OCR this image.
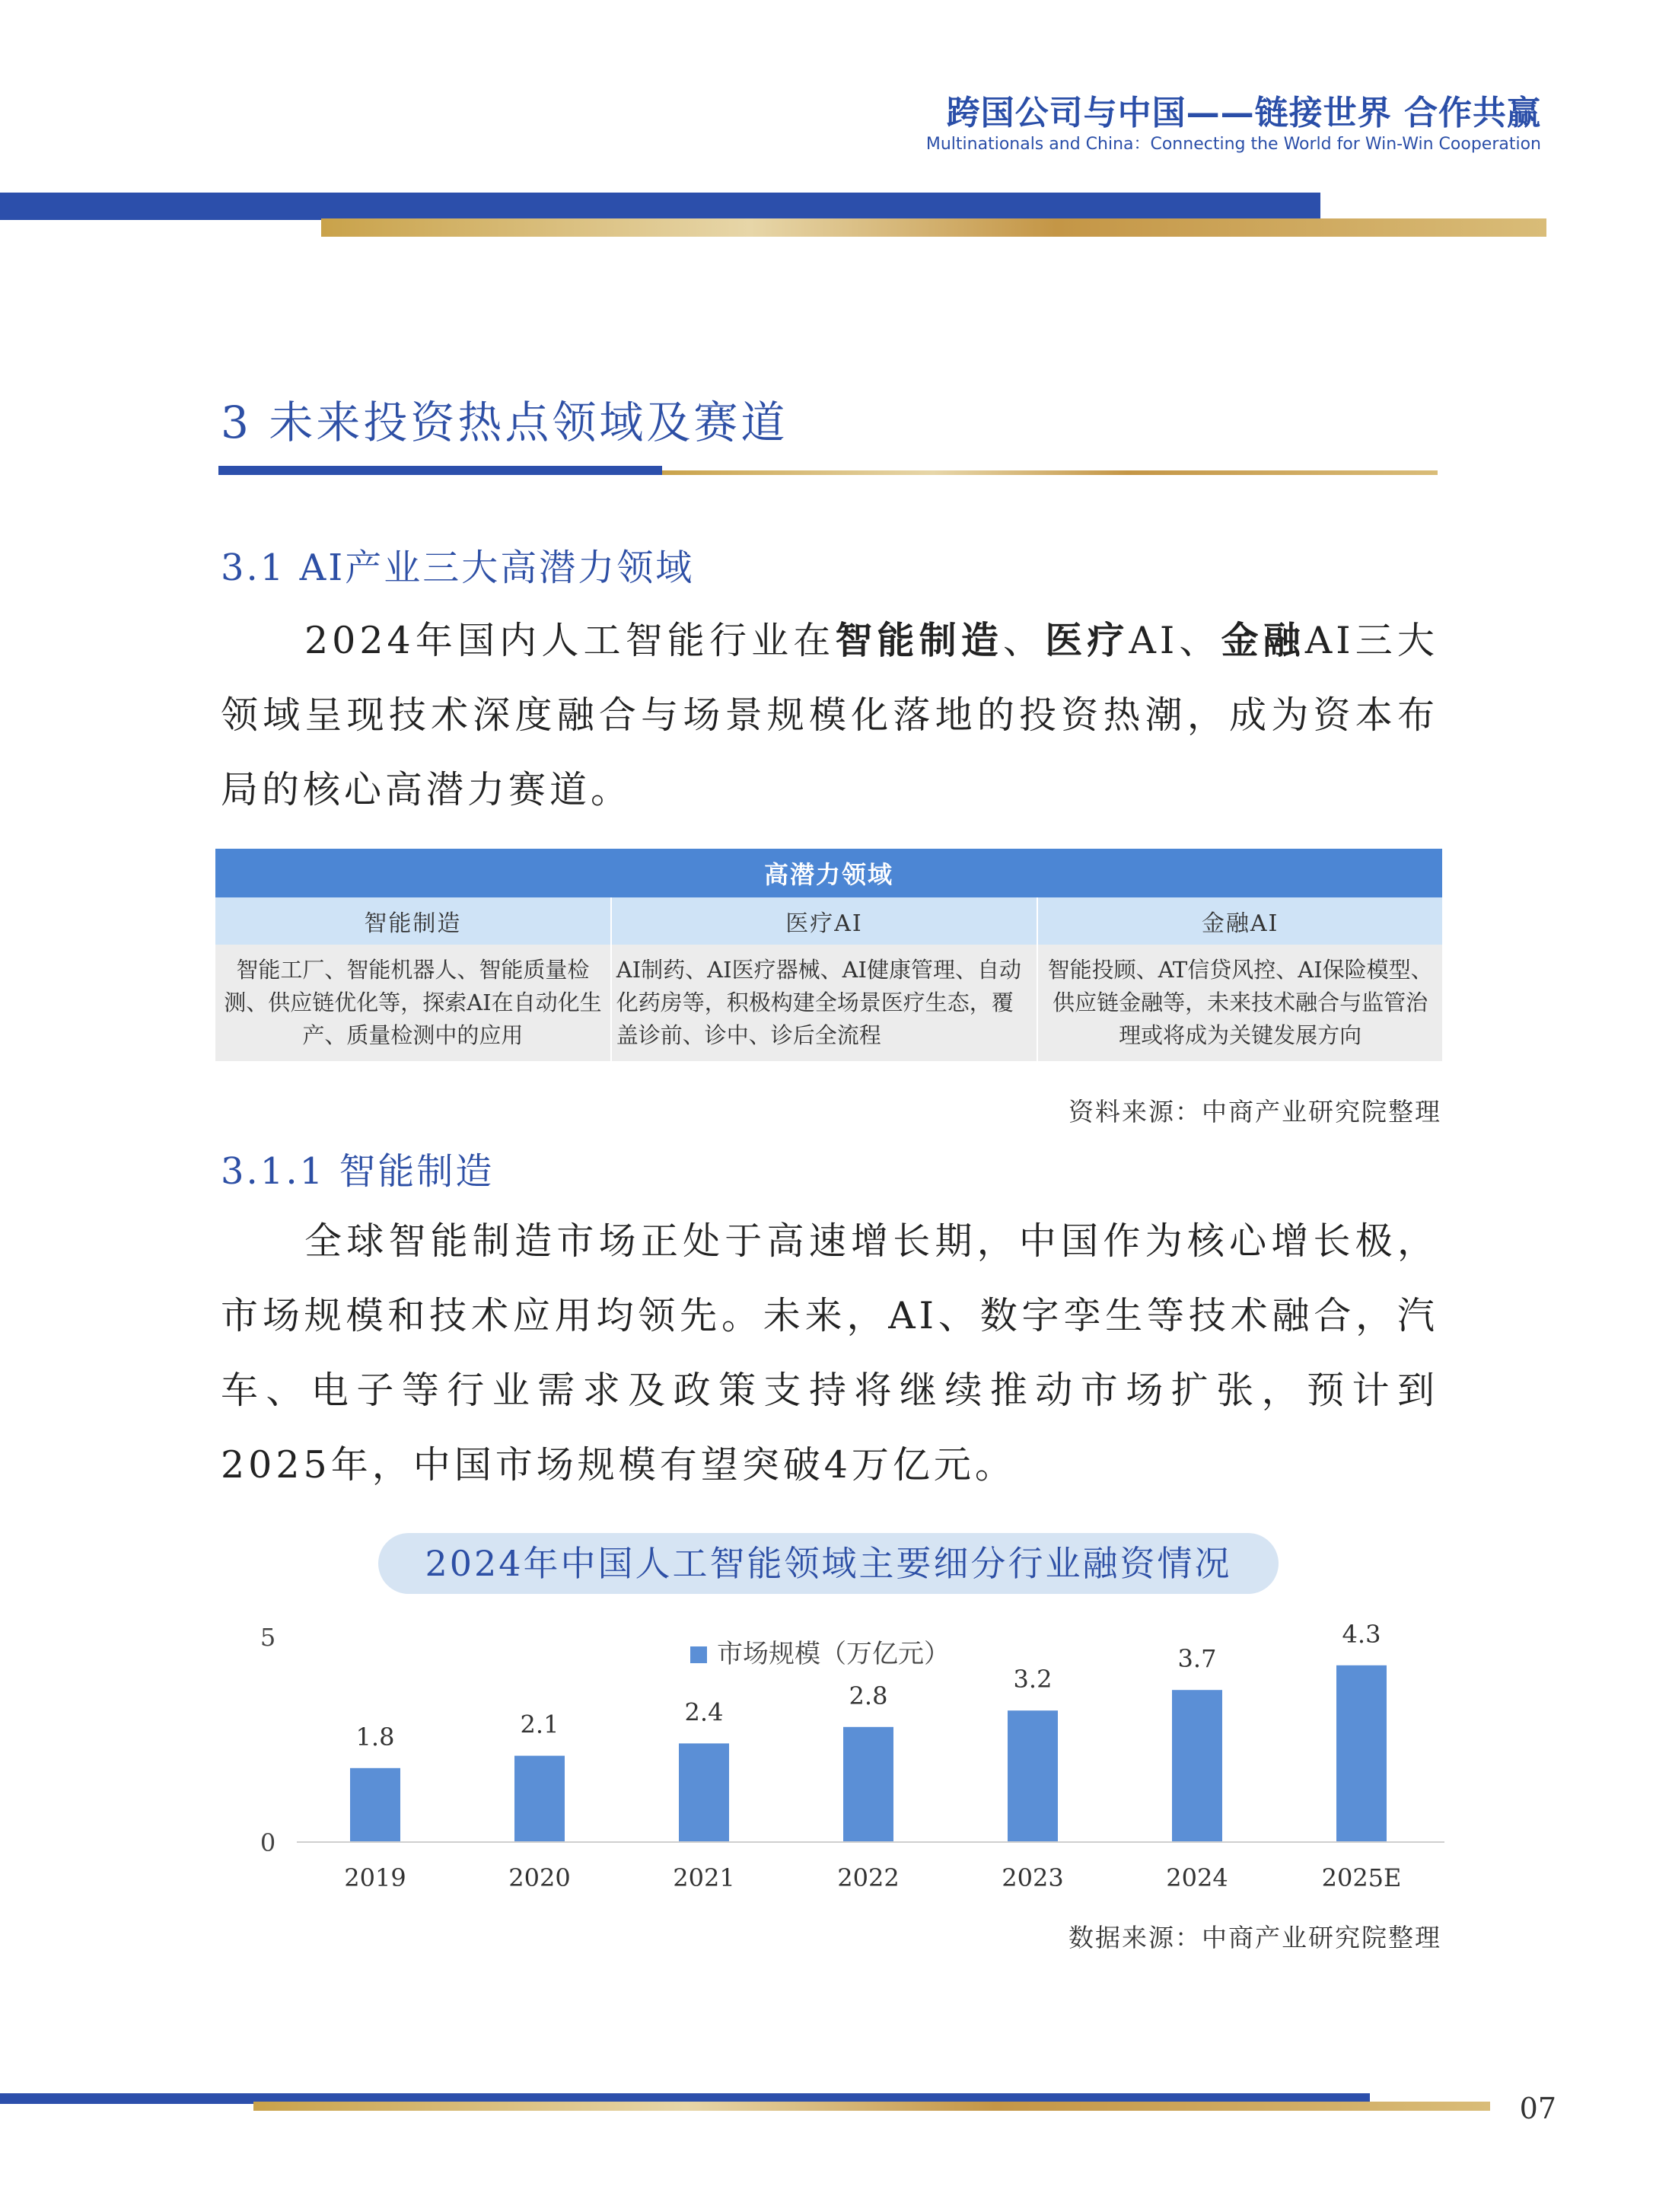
跨国公司与中国——链接世界 合作共赢
Multinationals and China：Connecting the World for Win-Win Cooperation
3 未来投资热点领域及赛道
3.1 AI产业三大高潜力领域
2024年国内人工智能行业在智能制造、医疗AI、金融AI三大领域呈现技术深度融合与场景规模化落地的投资热潮，成为资本布局的核心高潜力赛道。
高潜力领域		
智能制造	医疗AI	金融AI
智能工厂、智能机器人、智能质量检测、供应链优化等，探索AI在自动化生产、质量检测中的应用	AI制药、AI医疗器械、AI健康管理、自动化药房等，积极构建全场景医疗生态，覆盖诊前、诊中、诊后全流程	智能投顾、AT信贷风控、AI保险模型、供应链金融等，未来技术融合与监管治理或将成为关键发展方向
资料来源：中商产业研究院整理
3.1.1 智能制造
全球智能制造市场正处于高速增长期，中国作为核心增长极，市场规模和技术应用均领先。未来，AI、数字孪生等技术融合，汽车、电子等行业需求及政策支持将继续推动市场扩张，预计到2025年，中国市场规模有望突破4万亿元。
2024年中国人工智能领域主要细分行业融资情况
市场规模（万亿元）
1.8
2019
2.1
2020
2.4
2021
2.8
2022
3.2
2023
3.7
2024
4.3
2025E
0
5
数据来源：中商产业研究院整理
07
